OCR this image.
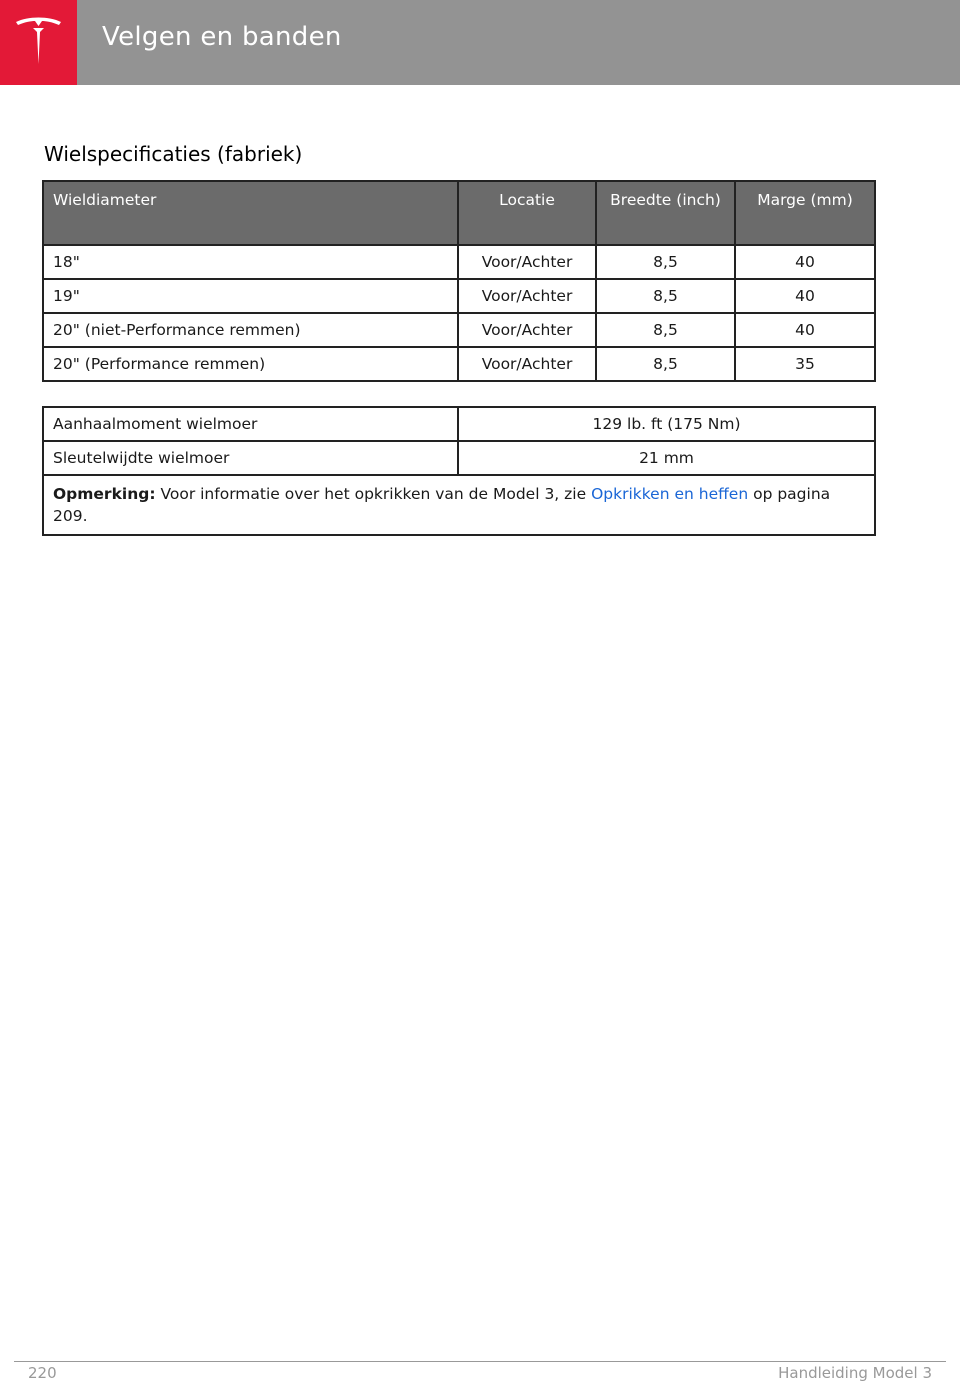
Velgen en banden
Wielspecificaties (fabriek)
Wieldiameter	Locatie	Breedte (inch)	Marge (mm)
18"	Voor/Achter	8,5	40
19"	Voor/Achter	8,5	40
20" (niet-Performance remmen)	Voor/Achter	8,5	40
20" (Performance remmen)	Voor/Achter	8,5	35
Aanhaalmoment wielmoer	129 lb. ft (175 Nm)
Sleutelwijdte wielmoer	21 mm
Opmerking: Voor informatie over het opkrikken van de Model 3, zie Opkrikken en heffen op pagina 209.	
220	Handleiding Model 3
